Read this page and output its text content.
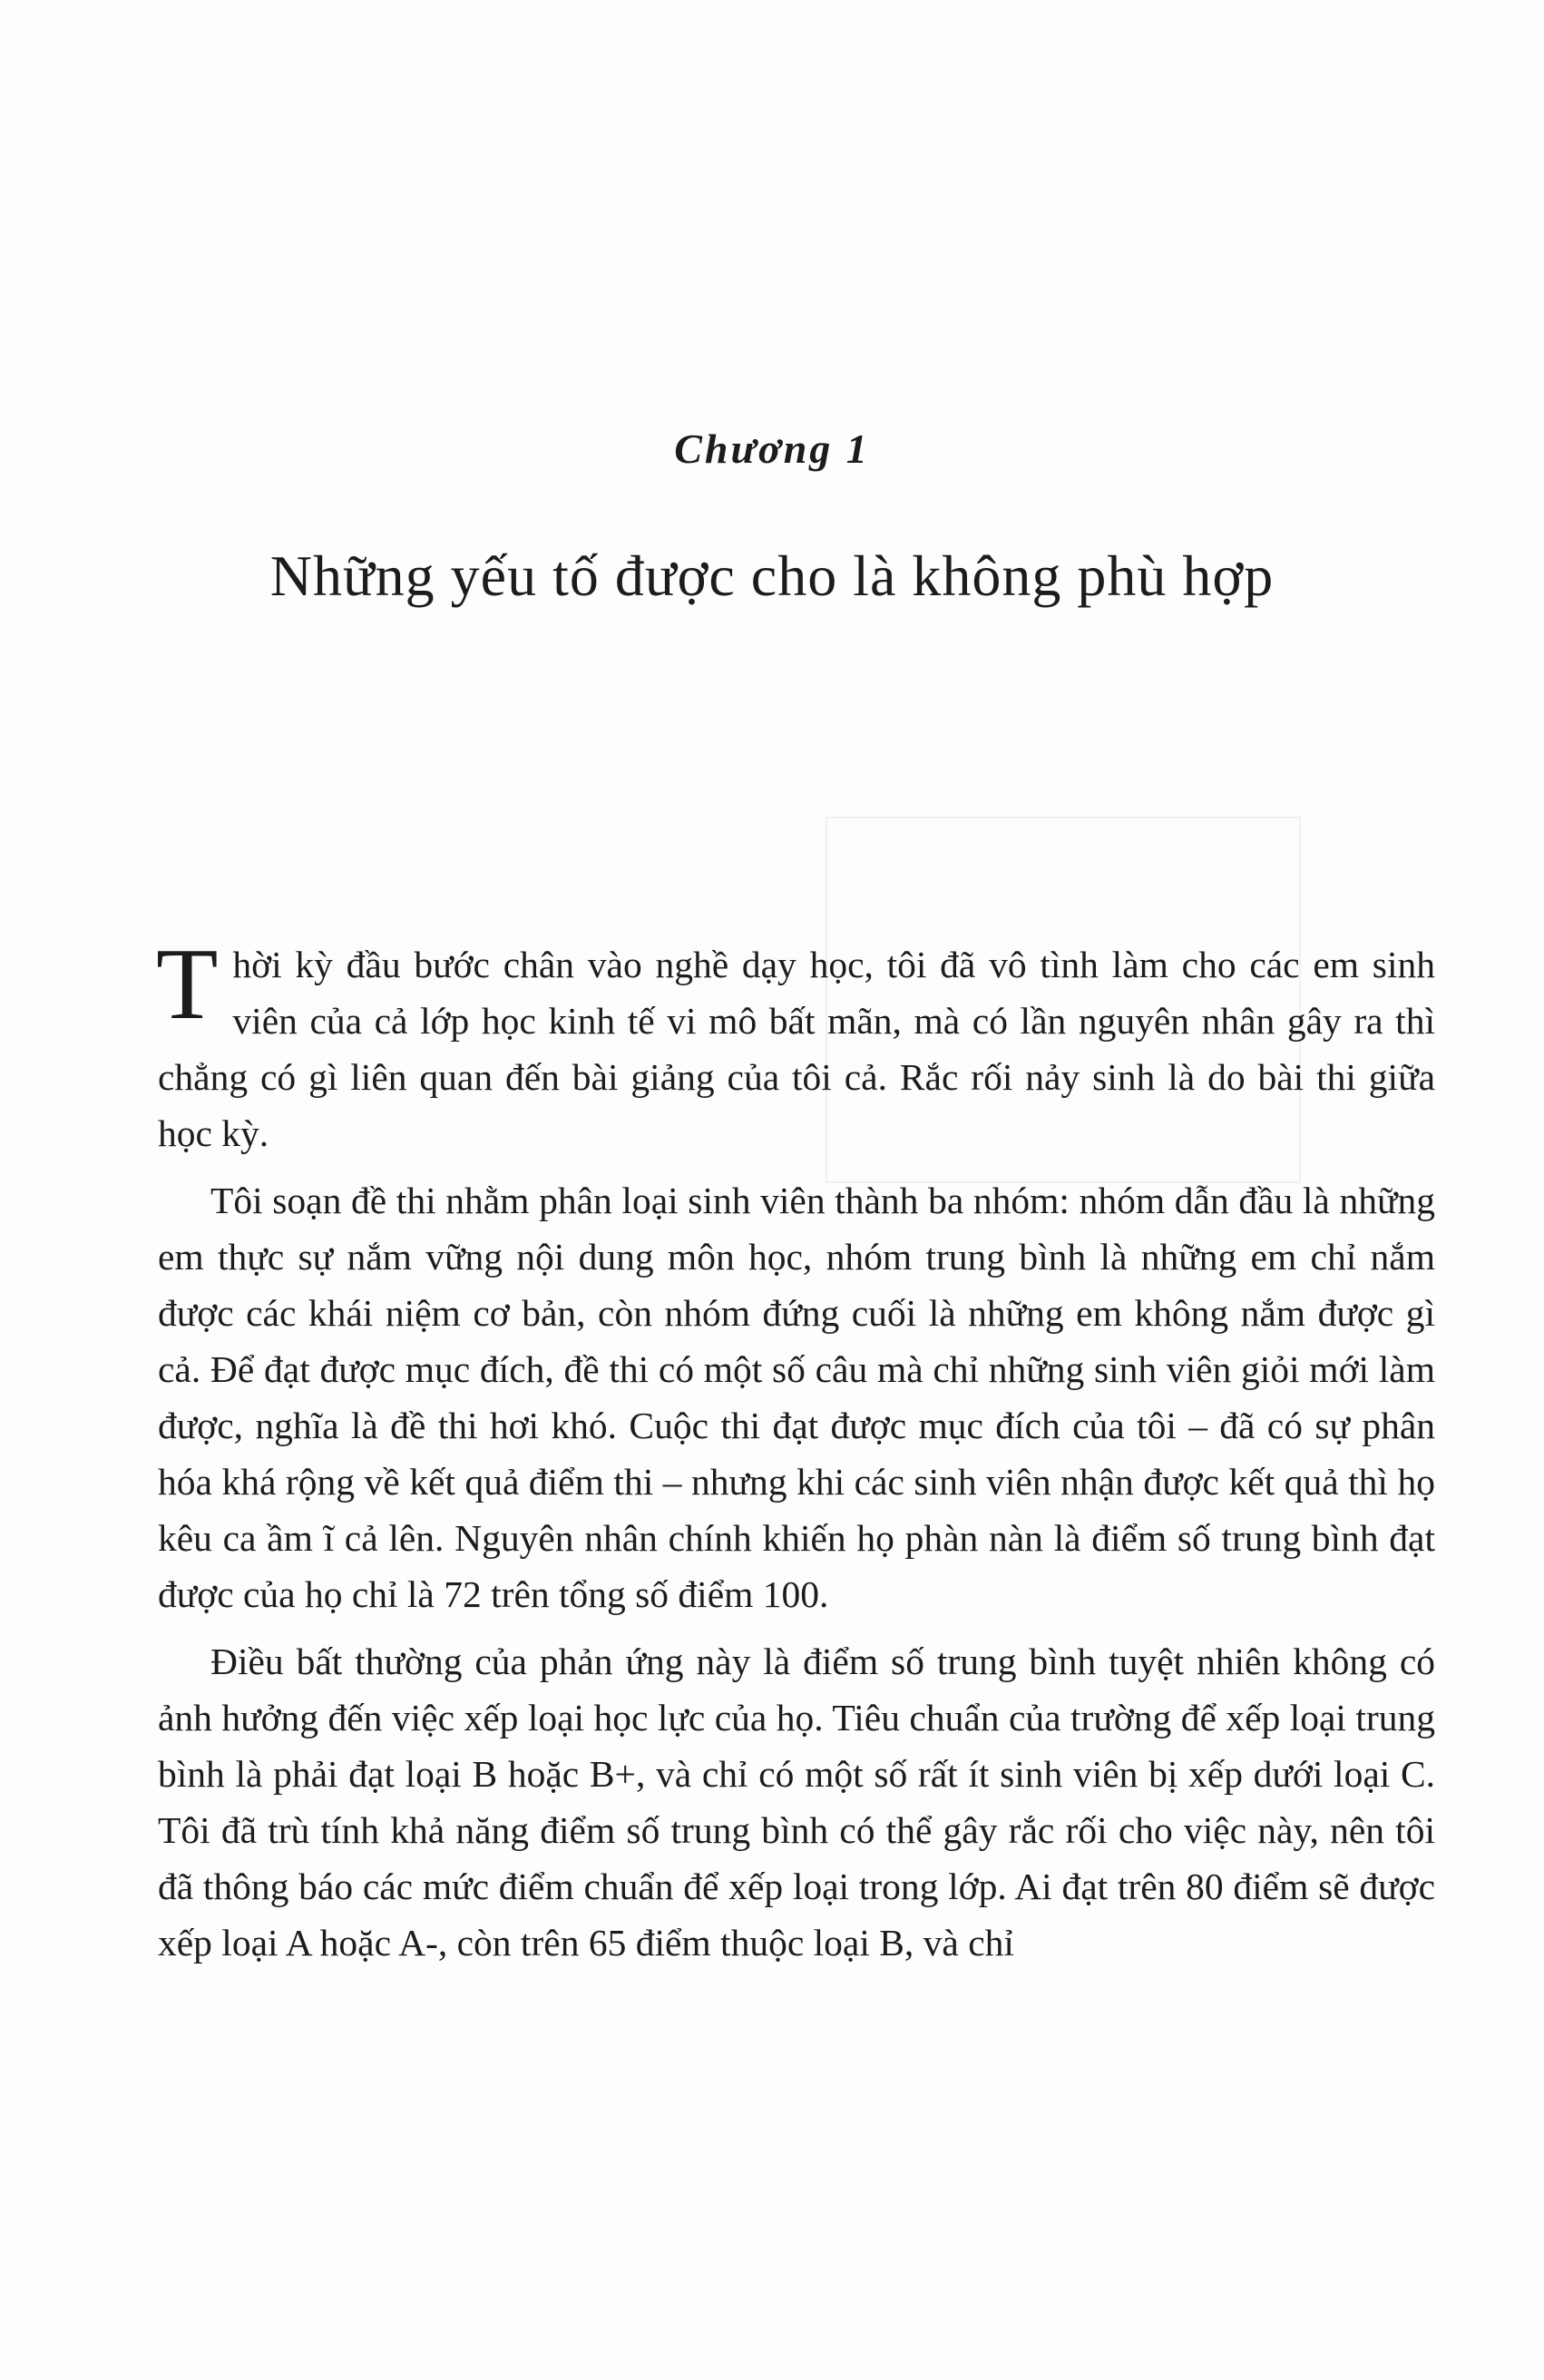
Chương 1
Những yếu tố được cho là không phù hợp

Thời kỳ đầu bước chân vào nghề dạy học, tôi đã vô tình làm cho các em sinh viên của cả lớp học kinh tế vi mô bất mãn, mà có lần nguyên nhân gây ra thì chẳng có gì liên quan đến bài giảng của tôi cả. Rắc rối nảy sinh là do bài thi giữa học kỳ.

Tôi soạn đề thi nhằm phân loại sinh viên thành ba nhóm: nhóm dẫn đầu là những em thực sự nắm vững nội dung môn học, nhóm trung bình là những em chỉ nắm được các khái niệm cơ bản, còn nhóm đứng cuối là những em không nắm được gì cả. Để đạt được mục đích, đề thi có một số câu mà chỉ những sinh viên giỏi mới làm được, nghĩa là đề thi hơi khó. Cuộc thi đạt được mục đích của tôi – đã có sự phân hóa khá rộng về kết quả điểm thi – nhưng khi các sinh viên nhận được kết quả thì họ kêu ca ầm ĩ cả lên. Nguyên nhân chính khiến họ phàn nàn là điểm số trung bình đạt được của họ chỉ là 72 trên tổng số điểm 100.

Điều bất thường của phản ứng này là điểm số trung bình tuyệt nhiên không có ảnh hưởng đến việc xếp loại học lực của họ. Tiêu chuẩn của trường để xếp loại trung bình là phải đạt loại B hoặc B+, và chỉ có một số rất ít sinh viên bị xếp dưới loại C. Tôi đã trù tính khả năng điểm số trung bình có thể gây rắc rối cho việc này, nên tôi đã thông báo các mức điểm chuẩn để xếp loại trong lớp. Ai đạt trên 80 điểm sẽ được xếp loại A hoặc A-, còn trên 65 điểm thuộc loại B, và chỉ
